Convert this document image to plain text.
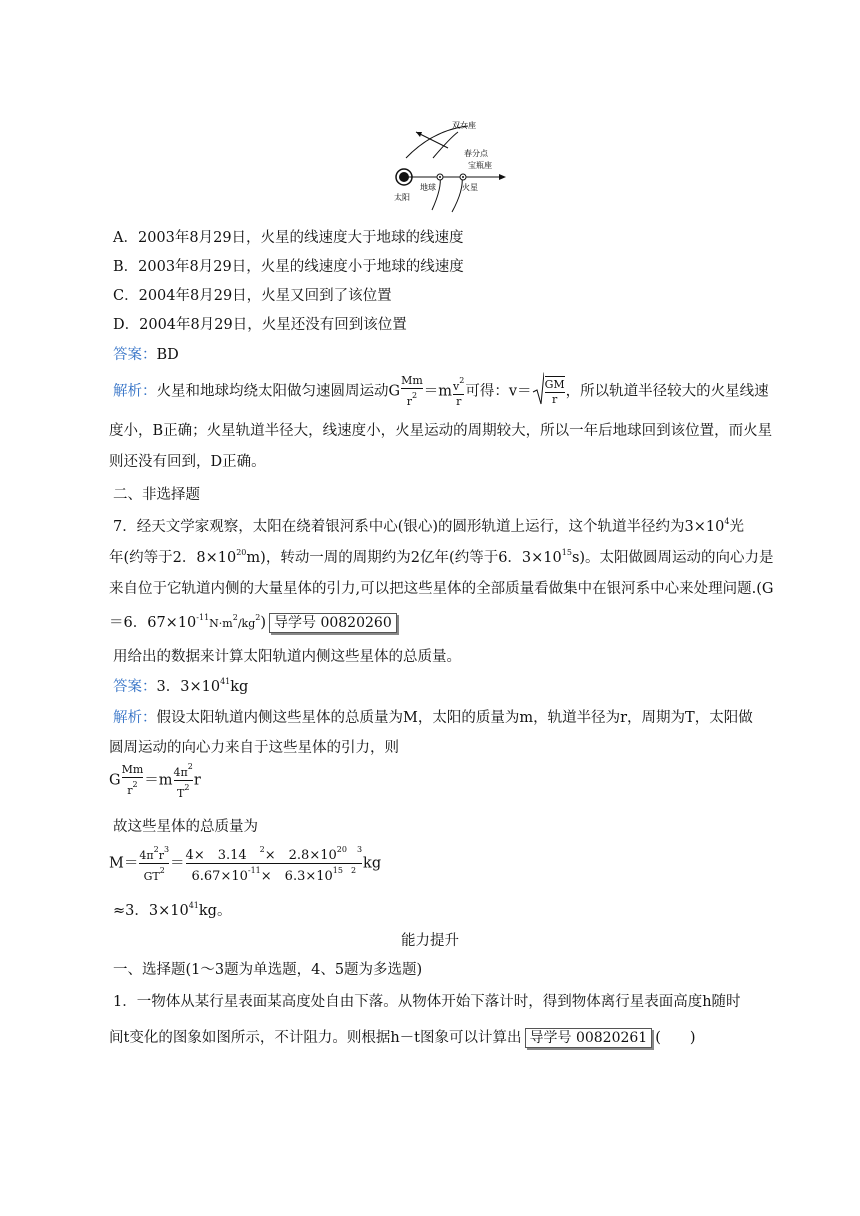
双女座
春分点
宝瓶座
太阳
地球	火星
A．2003年8月29日，火星的线速度大于地球的线速度
B．2003年8月29日，火星的线速度小于地球的线速度
C．2004年8月29日，火星又回到了该位置
D．2004年8月29日，火星还没有回到该位置
答案：BD
解析：火星和地球均绕太阳做匀速圆周运动G $\frac{Mm}{r^2} =m \frac{v^2}{r}$ 可得：$v= \frac{GM}{r}$ ，所以轨道半径较大的火星线速
度小，B正确；火星轨道半径大，线速度小，火星运动的周期较大，所以一年后地球回到该位置，而火星
则还没有回到，D正确。
二、非选择题
7．经天文学家观察，太阳在绕着银河系中心(银心)的圆形轨道上运行，这个轨道半径约为$3\times 10^4$光
年(约等于2．$8\times 10^{20}m$)，转动一周的周期约为2亿年(约等于6．$3\times 10^{15}s$)。太阳做圆周运动的向心力是
来自位于它轨道内侧的大量星体的引力,可以把这些星体的全部质量看做集中在银河系中心来处理问题.(G
＝6．$67\times 10^{-11}N\cdot m^2/kg^2$) 导学号 00820260
用给出的数据来计算太阳轨道内侧这些星体的总质量。
答案：3．$3\times 10^{41}kg$
解析：假设太阳轨道内侧这些星体的总质量为M，太阳的质量为m，轨道半径为r，周期为T，太阳做
圆周运动的向心力来自于这些星体的引力，则
G $\frac{Mm}{r^2} =m \frac{4\pi^2}{T^2}$ r
故这些星体的总质量为
$M= \frac{4\pi^2r^3}{GT^2} = \frac{4\times 3.14 ^2\times 2.8\times 10^{20} ^3}{6.67\times 10^{-11}\times 6.3\times 10^{15} ^2}$ kg
≈3．$3\times 10^{41}kg$。
能力提升
一、选择题(1～3题为单选题，4、5题为多选题)
1．一物体从某行星表面某高度处自由下落。从物体开始下落计时，得到物体离行星表面高度h随时
间t变化的图象如图所示，不计阻力。则根据h－t图象可以计算出 导学号 00820261 (　　)
